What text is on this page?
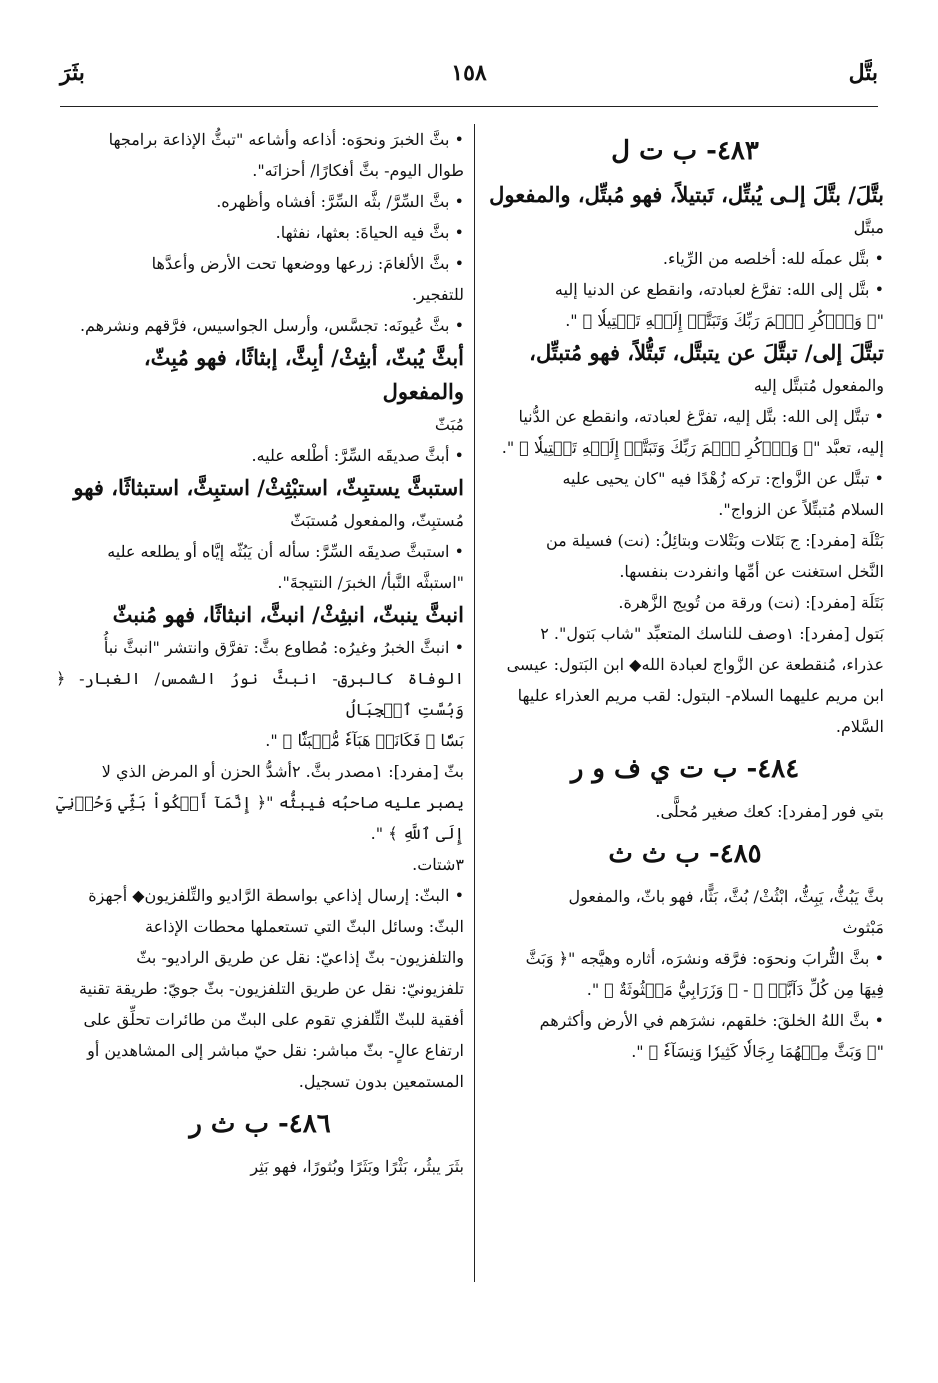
بتَّل
١٥٨
بثَرَ

٤٨٣- ب ت ل

بتَّلَ/ بتَّلَ إلـى يُبتِّل، تَبتيلاً، فهو مُبتِّل، والمفعول

مبتَّل

• بتَّل عملَه لله: أخلصه من الرِّياء.

• بتَّل إلى الله: تفرَّغ لعبادته، وانقطع عن الدنيا إليه

"﴿ وَٱذۡكُرِ ٱسۡمَ رَبِّكَ وَتَبَتَّلۡ إِلَيۡهِ تَبۡتِيلٗا ﴾ ".

تبتَّلَ إلى/ تبتَّلَ عن يتبتَّل، تَبتُّلاً، فهو مُتبتِّل،

والمفعول مُتبتَّل إليه

• تبتَّل إلى الله: بتَّل إليه، تفرَّغ لعبادته، وانقطع عن الدُّنيا

إليه، تعبَّد "﴿ وَٱذۡكُرِ ٱسۡمَ رَبِّكَ وَتَبَتَّلۡ إِلَيۡهِ تَبۡتِيلٗا ﴾ ".

• تبتَّل عن الزَّواج: تركه زُهْدًا فيه "كان يحيى عليه

السلام مُتبتِّلاً عن الزواج".

بَتْلَة [مفرد]: ج بَتَلات وبَتْلات وبتائِلُ: (نت) فسيلة من

النَّخل استغنت عن أمِّها وانفردت بنفسها.

بَتَلَة [مفرد]: (نت) ورقة من تُويج الزَّهرة.

بَتول [مفرد]: ١وصف للناسك المتعبِّد "شاب بَتول". ٢

عذراء، مُنقطعة عن الزَّواج لعبادة الله◆ ابن البَتول: عيسى

ابن مريم عليهما السلام- البتول: لقب مريم العذراء عليها

السَّلام.

٤٨٤- ب ت ي ف و ر

بتي فور [مفرد]: كعك صغير مُحلًّى.

٤٨٥- ب ث ث

بثَّ يَبُثُّ، يَبِثُّ، ابْثُثْ/ بُثَّ، بَثًّا، فهو باثّ، والمفعول

مَبْثوث

• بثَّ التُّرابَ ونحوَه: فرَّقه ونشرَه، أثاره وهيَّجه "﴿ وَبَثَّ

فِيهَا مِن كُلِّ دَآبَّةٖ ﴾ - ﴿ وَزَرَابِيُّ مَبۡثُوثَةٌ ﴾ ".

• بثَّ اللهُ الخلقَ: خلقهم، نشرَهم في الأرض وأكثرهم

"﴿ وَبَثَّ مِنۡهُمَا رِجَالٗا كَثِيرٗا وَنِسَآءٗ ﴾ ".

• بثَّ الخبرَ ونحوَه: أذاعه وأشاعه "تبثُّ الإذاعة برامجها

طوال اليوم- بثَّ أفكارًا/ أحزانَه".

• بثَّ السِّرَّ/ بثَّه السِّرَّ: أفشاه وأظهره.

• بثَّ فيه الحياةَ: بعثها، نفثها.

• بثَّ الألغامَ: زرعها ووضعها تحت الأرض وأعدَّها

للتفجير.

• بثَّ عُيونَه: تجسَّس، وأرسل الجواسيس، فرَّقهم ونشرهم.

أبثَّ يُبثّ، أبثِثْ/ أبِثَّ، إبثاثًا، فهو مُبِثّ، والمفعول

مُبَثّ

• أبثَّ صديقَه السِّرَّ: أطْلعه عليه.

استبثَّ يستبِثّ، استبْثِثْ/ استبِثَّ، استبثاثًا، فهو

مُستبِثّ، والمفعول مُستبَثّ

• استبثَّ صديقَه السِّرَّ: سأله أن يَبُثّه إيَّاه أو يطلعه عليه

"استبثَّه النَّبأ/ الخبرَ/ النتيجةَ".

انبثَّ ينبثّ، انبثِثْ/ انبثَّ، انبثاثًا، فهو مُنبثّ

• انبثَّ الخبرُ وغيرُه: مُطاوع بثَّ: تفرَّق وانتشر "انبثَّ نبأُ

الوفاة كالبرق- انبثَّ نورُ الشمس/ الغبار- ﴿ وَبُسَّتِ ٱلۡجِبَالُ

بَسّٗا ۞ فَكَانَتۡ هَبَآءٗ مُّنۢبَثّٗا ﴾ ".

بثّ [مفرد]: ١مصدر بثَّ. ٢أشدُّ الحزن أو المرض الذي لا

يصبر عليه صاحبُه فيبثُّه "﴿ إِنَّمَآ أَشۡكُواْ بَثِّي وَحُزۡنِيٓ إِلَى ٱللَّهِ ﴾ ".

٣شتات.

• البثّ: إرسال إذاعي بواسطة الرَّاديو والتِّلفزيون◆ أجهزة

البثّ: وسائل البثّ التي تستعملها محطات الإذاعة

والتلفزيون- بثّ إذاعيّ: نقل عن طريق الراديو- بثّ

تلفزيونيّ: نقل عن طريق التلفزيون- بثّ جويّ: طريقة تقنية

أفقية للبثّ التِّلفزي تقوم على البثّ من طائرات تحلِّق على

ارتفاع عالٍ- بثّ مباشر: نقل حيّ مباشر إلى المشاهدين أو

المستمعين بدون تسجيل.

٤٨٦- ب ث ر

بثَرَ يبثُر، بَثْرًا وبَثَرًا وبُثورًا، فهو بَثِر
